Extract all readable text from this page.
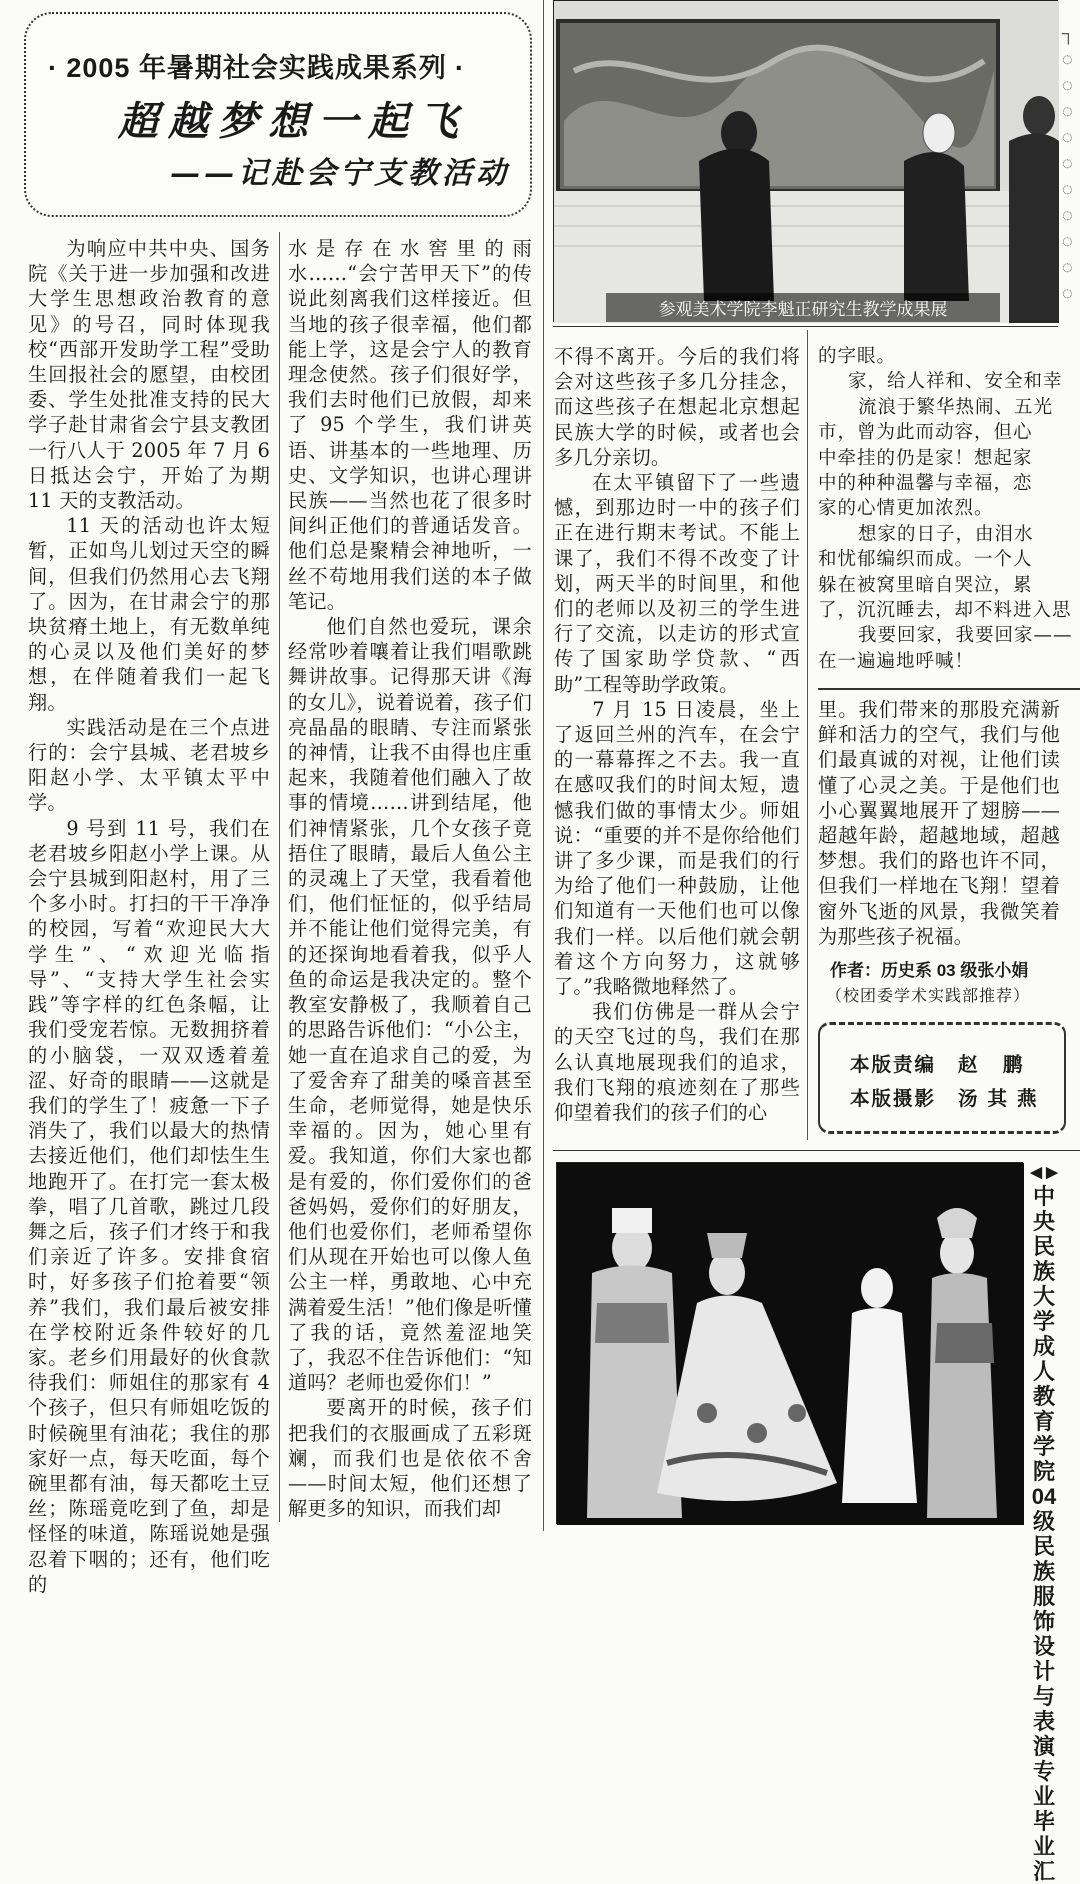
· 2005 年暑期社会实践成果系列 ·
超越梦想一起飞
——记赴会宁支教活动

为响应中共中央、国务院《关于进一步加强和改进大学生思想政治教育的意见》的号召，同时体现我校“西部开发助学工程”受助生回报社会的愿望，由校团委、学生处批准支持的民大学子赴甘肃省会宁县支教团一行八人于 2005 年 7 月 6 日抵达会宁，开始了为期 11 天的支教活动。

11 天的活动也许太短暂，正如鸟儿划过天空的瞬间，但我们仍然用心去飞翔了。因为，在甘肃会宁的那块贫瘠土地上，有无数单纯的心灵以及他们美好的梦想，在伴随着我们一起飞翔。

实践活动是在三个点进行的：会宁县城、老君坡乡阳赵小学、太平镇太平中学。

9 号到 11 号，我们在老君坡乡阳赵小学上课。从会宁县城到阳赵村，用了三个多小时。打扫的干干净净的校园，写着“欢迎民大大学生”、“欢迎光临指导”、“支持大学生社会实践”等字样的红色条幅，让我们受宠若惊。无数拥挤着的小脑袋，一双双透着羞涩、好奇的眼睛——这就是我们的学生了！疲惫一下子消失了，我们以最大的热情去接近他们，他们却怯生生地跑开了。在打完一套太极拳，唱了几首歌，跳过几段舞之后，孩子们才终于和我们亲近了许多。安排食宿时，好多孩子们抢着要“领养”我们，我们最后被安排在学校附近条件较好的几家。老乡们用最好的伙食款待我们：师姐住的那家有 4 个孩子，但只有师姐吃饭的时候碗里有油花；我住的那家好一点，每天吃面，每个碗里都有油，每天都吃土豆丝；陈瑶竟吃到了鱼，却是怪怪的味道，陈瑶说她是强忍着下咽的；还有，他们吃的

水是存在水窖里的雨水……“会宁苦甲天下”的传说此刻离我们这样接近。但当地的孩子很幸福，他们都能上学，这是会宁人的教育理念使然。孩子们很好学，我们去时他们已放假，却来了 95 个学生，我们讲英语、讲基本的一些地理、历史、文学知识，也讲心理讲民族——当然也花了很多时间纠正他们的普通话发音。他们总是聚精会神地听，一丝不苟地用我们送的本子做笔记。

他们自然也爱玩，课余经常吵着嚷着让我们唱歌跳舞讲故事。记得那天讲《海的女儿》，说着说着，孩子们亮晶晶的眼睛、专注而紧张的神情，让我不由得也庄重起来，我随着他们融入了故事的情境……讲到结尾，他们神情紧张，几个女孩子竟捂住了眼睛，最后人鱼公主的灵魂上了天堂，我看着他们，他们怔怔的，似乎结局并不能让他们觉得完美，有的还探询地看着我，似乎人鱼的命运是我决定的。整个教室安静极了，我顺着自己的思路告诉他们：“小公主，她一直在追求自己的爱，为了爱舍弃了甜美的嗓音甚至生命，老师觉得，她是快乐幸福的。因为，她心里有爱。我知道，你们大家也都是有爱的，你们爱你们的爸爸妈妈，爱你们的好朋友，他们也爱你们，老师希望你们从现在开始也可以像人鱼公主一样，勇敢地、心中充满着爱生活！”他们像是听懂了我的话，竟然羞涩地笑了，我忍不住告诉他们：“知道吗？老师也爱你们！”

要离开的时候，孩子们把我们的衣服画成了五彩斑斓，而我们也是依依不舍——时间太短，他们还想了解更多的知识，而我们却

参观美术学院李魁正研究生教学成果展

不得不离开。今后的我们将会对这些孩子多几分挂念，而这些孩子在想起北京想起民族大学的时候，或者也会多几分亲切。

在太平镇留下了一些遗憾，到那边时一中的孩子们正在进行期末考试。不能上课了，我们不得不改变了计划，两天半的时间里，和他们的老师以及初三的学生进行了交流，以走访的形式宣传了国家助学贷款、“西助”工程等助学政策。

7 月 15 日凌晨，坐上了返回兰州的汽车，在会宁的一幕幕挥之不去。我一直在感叹我们的时间太短，遗憾我们做的事情太少。师姐说：“重要的并不是你给他们讲了多少课，而是我们的行为给了他们一种鼓励，让他们知道有一天他们也可以像我们一样。以后他们就会朝着这个方向努力，这就够了。”我略微地释然了。

我们仿佛是一群从会宁的天空飞过的鸟，我们在那么认真地展现我们的追求，我们飞翔的痕迹刻在了那些仰望着我们的孩子们的心

的字眼。
家，给人祥和、安全和幸
流浪于繁华热闹、五光
市，曾为此而动容，但心
中牵挂的仍是家！想起家
中的种种温馨与幸福，恋
家的心情更加浓烈。
想家的日子，由泪水
和忧郁编织而成。一个人
躲在被窝里暗自哭泣，累
了，沉沉睡去，却不料进入思
我要回家，我要回家——
在一遍遍地呼喊！

里。我们带来的那股充满新鲜和活力的空气，我们与他们最真诚的对视，让他们读懂了心灵之美。于是他们也小心翼翼地展开了翅膀——超越年龄，超越地域，超越梦想。我们的路也许不同，但我们一样地在飞翔！望着窗外飞逝的风景，我微笑着为那些孩子祝福。

作者：历史系 03 级张小娟
（校团委学术实践部推荐）
本版责编 赵 鹏
本版摄影 汤其燕
◀ ▶
中央民族大学成人教育学院04级民族服饰设计与表演专业毕业汇
┐
◌
◌
◌
◌
◌
◌
◌
◌
◌
◌
